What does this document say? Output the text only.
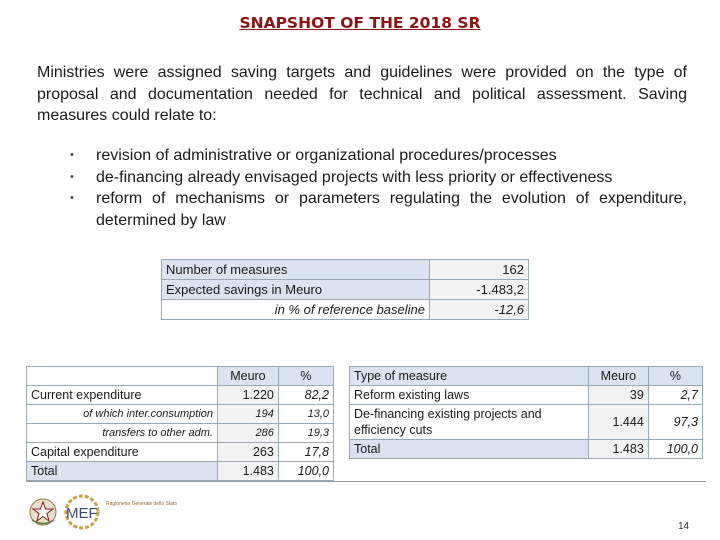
SNAPSHOT OF THE 2018 SR
Ministries were assigned saving targets and guidelines were provided on the type of proposal and documentation needed for technical and political assessment. Saving measures could relate to:
• revision of administrative or organizational procedures/processes
• de-financing already envisaged projects with less priority or effectiveness
• reform of mechanisms or parameters regulating the evolution of expenditure, determined by law
Number of measures	162
Expected savings in Meuro	-1.483,2
in % of reference baseline	-12,6
	Meuro	%
Current expenditure	1.220	82,2
of which inter.consumption	194	13,0
transfers to other adm.	286	19,3
Capital expenditure	263	17,8
Total	1.483	100,0
Type of measure	Meuro	%
Reform existing laws	39	2,7
De-financing existing projects and efficiency cuts	1.444	97,3
Total	1.483	100,0
MEF
Ragioneria Generale dello Stato
14
